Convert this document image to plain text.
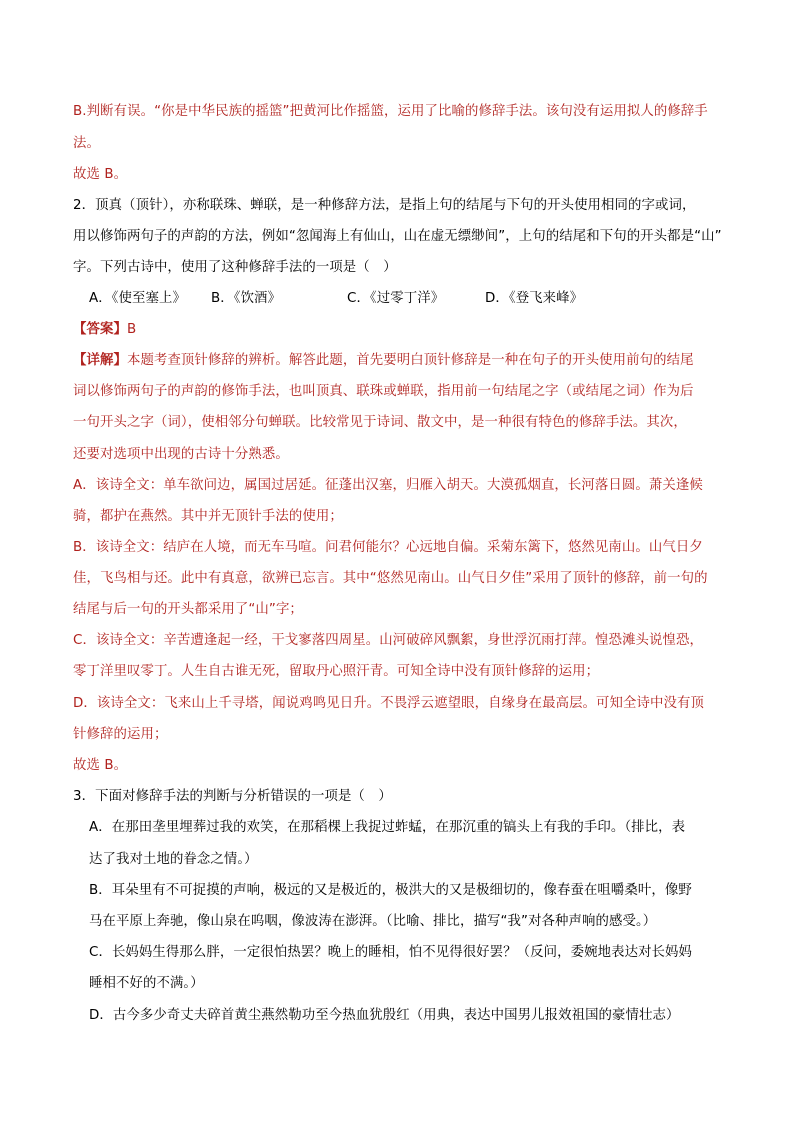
B.判断有误。“你是中华民族的摇篮”把黄河比作摇篮，运用了比喻的修辞手法。该句没有运用拟人的修辞手
法。
故选 B。
2．顶真（顶针），亦称联珠、蝉联，是一种修辞方法，是指上句的结尾与下句的开头使用相同的字或词，
用以修饰两句子的声韵的方法，例如“忽闻海上有仙山，山在虚无缥缈间”，上句的结尾和下句的开头都是“山”
字。下列古诗中，使用了这种修辞手法的一项是（　）
A．《使至塞上》 B．《饮酒》	C．《过零丁洋》	D．《登飞来峰》
【答案】B
【详解】本题考查顶针修辞的辨析。解答此题，首先要明白顶针修辞是一种在句子的开头使用前句的结尾
词以修饰两句子的声韵的修饰手法，也叫顶真、联珠或蝉联，指用前一句结尾之字（或结尾之词）作为后
一句开头之字（词），使相邻分句蝉联。比较常见于诗词、散文中，是一种很有特色的修辞手法。其次，
还要对选项中出现的古诗十分熟悉。
A．该诗全文：单车欲问边，属国过居延。征蓬出汉塞，归雁入胡天。大漠孤烟直，长河落日圆。萧关逢候
骑，都护在燕然。其中并无顶针手法的使用；
B．该诗全文：结庐在人境，而无车马喧。问君何能尔？心远地自偏。采菊东篱下，悠然见南山。山气日夕
佳，飞鸟相与还。此中有真意，欲辨已忘言。其中“悠然见南山。山气日夕佳”采用了顶针的修辞，前一句的
结尾与后一句的开头都采用了“山”字；
C．该诗全文：辛苦遭逢起一经，干戈寥落四周星。山河破碎风飘絮，身世浮沉雨打萍。惶恐滩头说惶恐，
零丁洋里叹零丁。人生自古谁无死，留取丹心照汗青。可知全诗中没有顶针修辞的运用；
D．该诗全文：飞来山上千寻塔，闻说鸡鸣见日升。不畏浮云遮望眼，自缘身在最高层。可知全诗中没有顶
针修辞的运用；
故选 B。
3．下面对修辞手法的判断与分析错误的一项是（　）
A．在那田垄里埋葬过我的欢笑，在那稻棵上我捉过蚱蜢，在那沉重的镐头上有我的手印。（排比，表
达了我对土地的眷念之情。）
B．耳朵里有不可捉摸的声响，极远的又是极近的，极洪大的又是极细切的，像春蚕在咀嚼桑叶，像野
马在平原上奔驰，像山泉在呜咽，像波涛在澎湃。（比喻、排比，描写“我”对各种声响的感受。）
C．长妈妈生得那么胖，一定很怕热罢？晚上的睡相，怕不见得很好罢？（反问，委婉地表达对长妈妈
睡相不好的不满。）
D．古今多少奇丈夫碎首黄尘燕然勒功至今热血犹殷红（用典，表达中国男儿报效祖国的豪情壮志）
